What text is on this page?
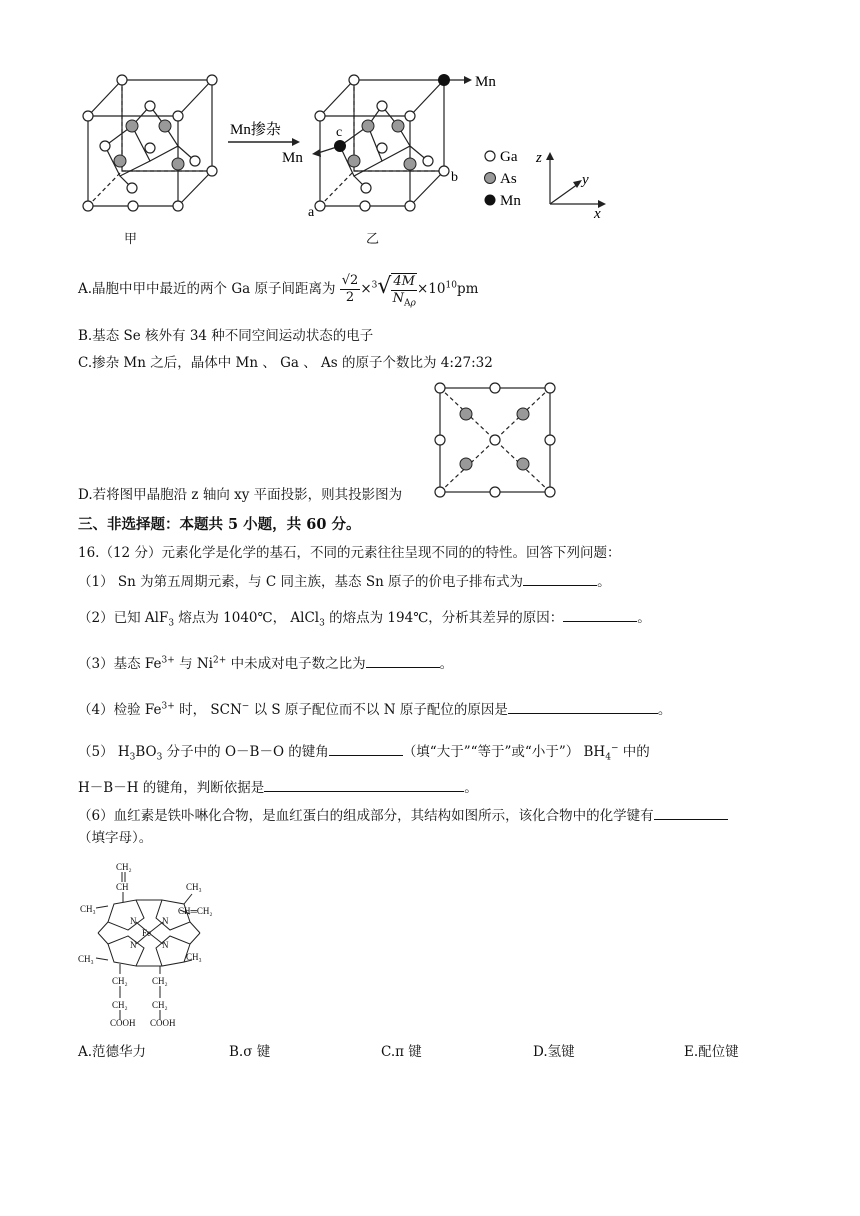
Mn掺杂
Mn
Mn
c
a
b
Ga
As
Mn
z
y
x
甲	乙
A.晶胞中甲中最近的两个 Ga 原子间距离为 $\frac{√2}{2} \times^3√ \frac{4M}{N_{A\rho}} \times 10^{10}pm$
B.基态 Se 核外有 34 种不同空间运动状态的电子
C.掺杂 Mn 之后，晶体中 Mn 、 Ga 、 As 的原子个数比为 4:27:32
D.若将图甲晶胞沿 z 轴向 xy 平面投影，则其投影图为
三、非选择题：本题共 5 小题，共 60 分。
16.（12 分）元素化学是化学的基石，不同的元素往往呈现不同的的特性。回答下列问题：
（1） Sn 为第五周期元素，与 C 同主族，基态 Sn 原子的价电子排布式为	。
（2）已知 AlF$_3$ 熔点为 1040℃， AlCl$_3$ 的熔点为 194℃，分析其差异的原因：	。
（3）基态 $Fe^{3+}$ 与 $Ni^{2+}$ 中未成对电子数之比为	。
（4）检验 $Fe^{3+}$ 时， SCN− 以 S 原子配位而不以 N 原子配位的原因是	。
（5） $H_3BO_3$ 分子中的 O－B－O 的键角	（填“大于”“等于”或“小于”） $BH_4^-$ 中的
H－B－H 的键角，判断依据是	。
（6）血红素是铁卟啉化合物，是血红蛋白的组成部分，其结构如图所示，该化合物中的化学键有
（填字母）。
CH₂
CH	CH₃
CH₃	CH═CH₂
N	N
Fe
N	N
CH₃	CH₃
CH₂	CH₂
CH₂	CH₂
COOH COOH
A.范德华力	B.σ 键	C.π 键	D.氢键	E.配位键
